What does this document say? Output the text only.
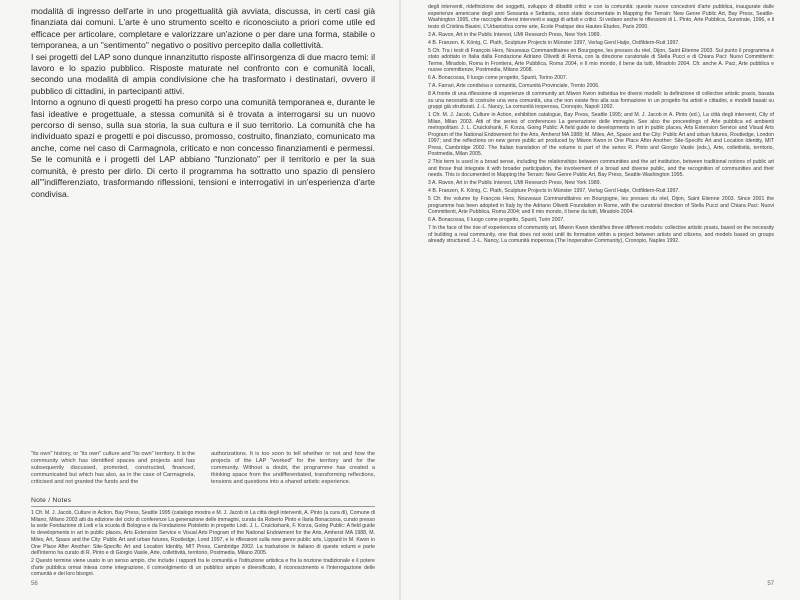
modalità di ingresso dell'arte in uno progettualità già avviata, discussa, in certi casi già finanziata dai comuni. L'arte è uno strumento scelto e riconosciuto a priori come utile ed efficace per articolare, completare e valorizzare un'azione o per dare una forma, stabile o temporanea, a un "sentimento" negativo o positivo percepito dalla collettività.

I sei progetti del LAP sono dunque innanzitutto risposte all'insorgenza di due macro temi: il lavoro e lo spazio pubblico. Risposte maturate nel confronto con e comunità locali, secondo una modalità di ampia condivisione che ha trasformato i destinatari, ovvero il pubblico di cittadini, in partecipanti attivi.

Intorno a ognuno di questi progetti ha preso corpo una comunità temporanea e, durante le fasi ideative e progettuale, a stessa comunità si è trovata a interrogarsi su un nuovo percorso di senso, sulla sua storia, la sua cultura e il suo territorio. La comunità che ha individuato spazi e progetti e poi discusso, promosso, costruito, finanziato, comunicato ma anche, come nel caso di Carmagnola, criticato e non concesso finanziamenti e permessi. Se le comunità e i progetti del LAP abbiano "funzionato" per il territorio e per la sua comunità, è presto per dirlo. Di certo il programma ha sottratto uno spazio di pensiero all'"indifferenziato, trasformando riflessioni, tensioni e interrogativi in un'esperienza d'arte condivisa.

"its own" history, or "its own" culture and "its own" territory. It is the community which has identified spaces and projects and has subsequently discussed, promoted, constructed, financed, communicated but which has also, as in the case of Carmagnola, criticised and not granted the funds and the
authorizations. It is too soon to tell whether or not and how the projects of the LAP "worked" for the territory and for the community. Without a doubt, the programme has created a thinking space from the undifferentiated, transforming reflections, tensions and questions into a shared artistic experience.
Note / Notes

1 Cfr. M. J. Jacob, Culture in Action, Bay Press, Seattle 1995 (catalogo mostra e M. J. Jacob in La città degli interventi, A. Pinto (a cura di), Comune di Milano, Milano 2003 atti da edizione del ciclo di conferenze La generazione delle immagini, curata da Roberto Pinto e Ilaria Bonacossa, curato presso la sede Fondazione di Lodi e la scuola di Bologna e da Fondazione Pistoletto in progetto Lodi. J. L. Cruickshank, F. Korza, Going Public: A field guide to developments in art in public places, Arts Extension Service e Visual Arts Program of the National Endowment for the Arts, Amherst MA 1988, M. Miles, Art, Space and the City: Public Art and urban futures, Routledge, Lond 1997, e le riflessioni sulla new genre public arts, Lippard in M. Kwon in One Place After Another: Site-Specific Art and Location Identity, MIT Press, Cambridge 2002. La traduzione in italiano di queste volumi e parte dell'interno ha curato di R. Pinto e di Giorgio Vasile, Arte, collettività, territorio, Postmedia, Milano 2005.

2 Questo termine viene usato in un senso ampio, che include i rapporti tra le comunità e l'istituzione artistica e fra la nozione tradizionale e il potere d'arte pubblica ormai intesa come integrazione, il coinvolgimento di un pubblico ampio e diversificato, il riconoscimento e l'interrogazione delle comunità e dei loro bisogni.

56

degli interventi, ridefinizione dei soggetti, sviluppo di dibattiti critici e con la comunità: queste nuove concezioni d'arte pubblica, inaugurate dalle esperienze americane degli anni Sessanta e Settanta, sono state documentate in Mapping the Terrain: New Genre Public Art, Bay Press, Seattle-Washington 1995, che raccoglie diversi interventi e saggi di artisti e critici. Si vedano anche le riflessioni di L. Pinto, Arte Pubblica, Sunstrate, 1996, e il testo di Cristina Biasini, L'Urbanistica come arte, Ecole Pratique des Hautes Études, Paris 2000.

3 A. Ravon, Art in the Public Interest, UMI Research Press, New York 1989.

4 B. Franzen, K. König, C. Plath, Sculpture Projects in Münster 1997, Verlag Gerd Hatje, Ostfildern-Ruit 1997.

5 Cfr. Tra i testi di François Hers, Nouveaux Commanditaires en Bourgogne, les presses du réel, Dijon, Saint Etienne 2003. Sul punto il programma è stato adottato in Italia dalla Fondazione Adriano Olivetti di Roma, con la direzione curatoriale di Stella Pucci e di Chiara Paci: Nuovi Committenti: Terme, Miradolo, Roma in Frontiera, Arte Pubblica, Roma 2004, e Il mio mondo, il bene da tutti, Miradolo 2004. Cfr. anche A. Paci, Arte pubblica e nuove committenze, Postmedia, Milano 2008.

6 A. Bonacossa, Il luogo come progetto, Spunti, Torino 2007.

7 A. Farrari, Arte condivisa e comunità, Comunità Provinciale, Trento 2006.

8 A fronte di una riflessione di esperienze di community art Miwon Kwon individua tre diversi modelli: la definizione di collective artistic praxis, basata su una necessità di costruire una vera comunità, una che non esiste fino alla sua formazione in un progetto fra artisti e cittadini, e modelli basati su gruppi già strutturati. J.-L. Nancy, La comunità inoperosa, Cronopio, Napoli 1992.

1 Cfr. M. J. Jacob, Culture in Action, exhibition catalogue, Bay Press, Seattle 1995; and M. J. Jacob in A. Pinto (ed.), La città degli interventi, City of Milan, Milan 2003. Atti of the series of conferences La generazione delle immagini. See also the proceedings of Arte pubblica ed ambienti metropolitani. J. L. Cruickshank, F. Korza, Going Public: A field guide to developments in art in public places, Arts Extension Service and Visual Arts Program of the National Endowment for the Arts, Amherst MA 1988; M. Miles, Art, Space and the City: Public Art and urban futures, Routledge, London 1997; and the reflections on new genre public art produced by Miwon Kwon in One Place After Another: Site-Specific Art and Location Identity, MIT Press, Cambridge 2002. The Italian translation of the volume is part of the series R. Pinto and Giorgio Vasile (eds.), Arte, collettività, territorio, Postmedia, Milan 2005.

2 This term is used in a broad sense, including the relationships between communities and the art institution, between traditional notions of public art and those that integrate it with broader participation, the involvement of a broad and diverse public, and the recognition of communities and their needs. This is documented in Mapping the Terrain: New Genre Public Art, Bay Press, Seattle-Washington 1995.

3 A. Ravon, Art in the Public Interest, UMI Research Press, New York 1989.

4 B. Franzen, K. König, C. Plath, Sculpture Projects in Münster 1997, Verlag Gerd Hatje, Ostfildern-Ruit 1997.

5 Cfr. the volume by François Hers, Nouveaux Commanditaires en Bourgogne, les presses du réel, Dijon, Saint Etienne 2003. Since 2001 the programme has been adopted in Italy by the Adriano Olivetti Foundation in Rome, with the curatorial direction of Stella Pucci and Chiara Paci: Nuovi Committenti, Arte Pubblica, Roma 2004; and Il mio mondo, il bene da tutti, Miradolo 2004.

6 A. Bonacossa, Il luogo come progetto, Spunti, Turin 2007.

7 In the face of the rise of experiences of community art, Miwon Kwon identifies three different models: collective artistic praxis, based on the necessity of building a real community, one that does not exist until its formation within a project between artists and citizens, and models based on groups already structured. J.-L. Nancy, La comunità inoperosa (The Inoperative Community), Cronopio, Naples 1992.

57
